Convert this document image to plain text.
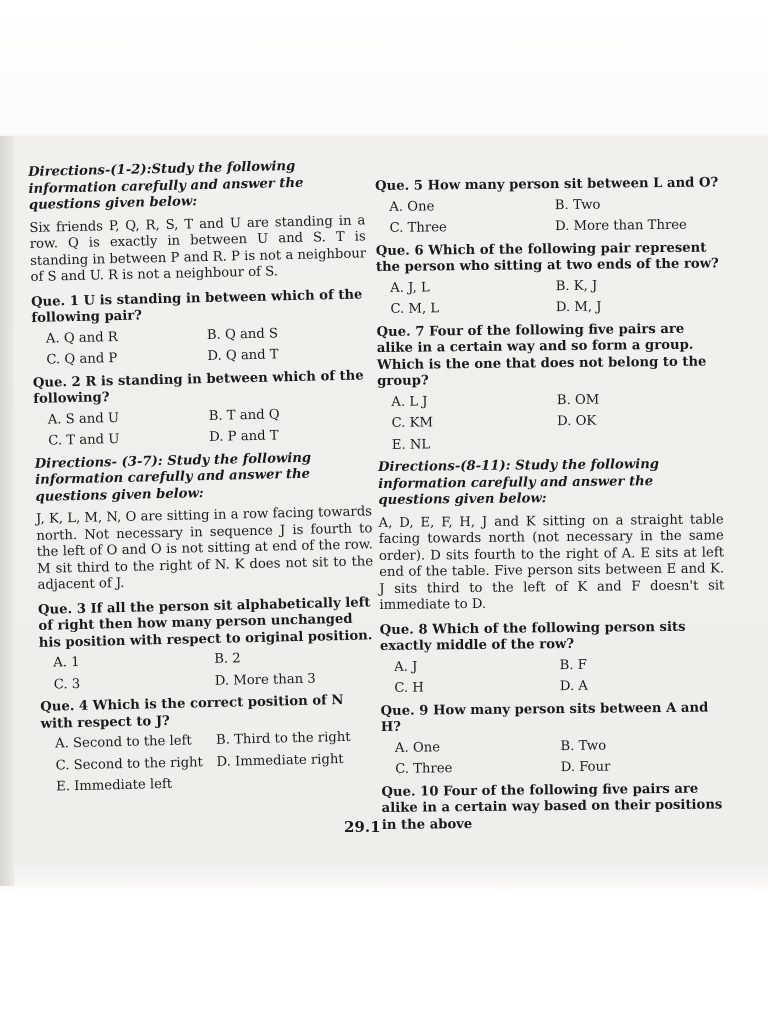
Directions-(1-2):Study the following information carefully and answer the questions given below:

Six friends P, Q, R, S, T and U are standing in a row. Q is exactly in between U and S. T is standing in between P and R. P is not a neighbour of S and U. R is not a neighbour of S.

Que. 1 U is standing in between which of the following pair?

A. Q and R	B. Q and S
C. Q and P	D. Q and T

Que. 2 R is standing in between which of the following?

A. S and U	B. T and Q
C. T and U	D. P and T

Directions- (3-7): Study the following information carefully and answer the questions given below:

J, K, L, M, N, O are sitting in a row facing towards north. Not necessary in sequence J is fourth to the left of O and O is not sitting at end of the row. M sit third to the right of N. K does not sit to the adjacent of J.

Que. 3 If all the person sit alphabetically left of right then how many person unchanged his position with respect to original position.

A. 1	B. 2
C. 3	D. More than 3

Que. 4 Which is the correct position of N with respect to J?

A. Second to the left	B. Third to the right
C. Second to the right	D. Immediate right
E. Immediate left

Que. 5 How many person sit between L and O?

A. One	B. Two
C. Three	D. More than Three

Que. 6 Which of the following pair represent the person who sitting at two ends of the row?

A. J, L	B. K, J
C. M, L	D. M, J

Que. 7 Four of the following five pairs are alike in a certain way and so form a group. Which is the one that does not belong to the group?

A. L J	B. OM
C. KM	D. OK
E. NL

Directions-(8-11): Study the following information carefully and answer the questions given below:

A, D, E, F, H, J and K sitting on a straight table facing towards north (not necessary in the same order). D sits fourth to the right of A. E sits at left end of the table. Five person sits between E and K. J sits third to the left of K and F doesn't sit immediate to D.

Que. 8 Which of the following person sits exactly middle of the row?

A. J	B. F
C. H	D. A

Que. 9 How many person sits between A and H?

A. One	B. Two
C. Three	D. Four

Que. 10 Four of the following five pairs are alike in a certain way based on their positions in the above

29.1
